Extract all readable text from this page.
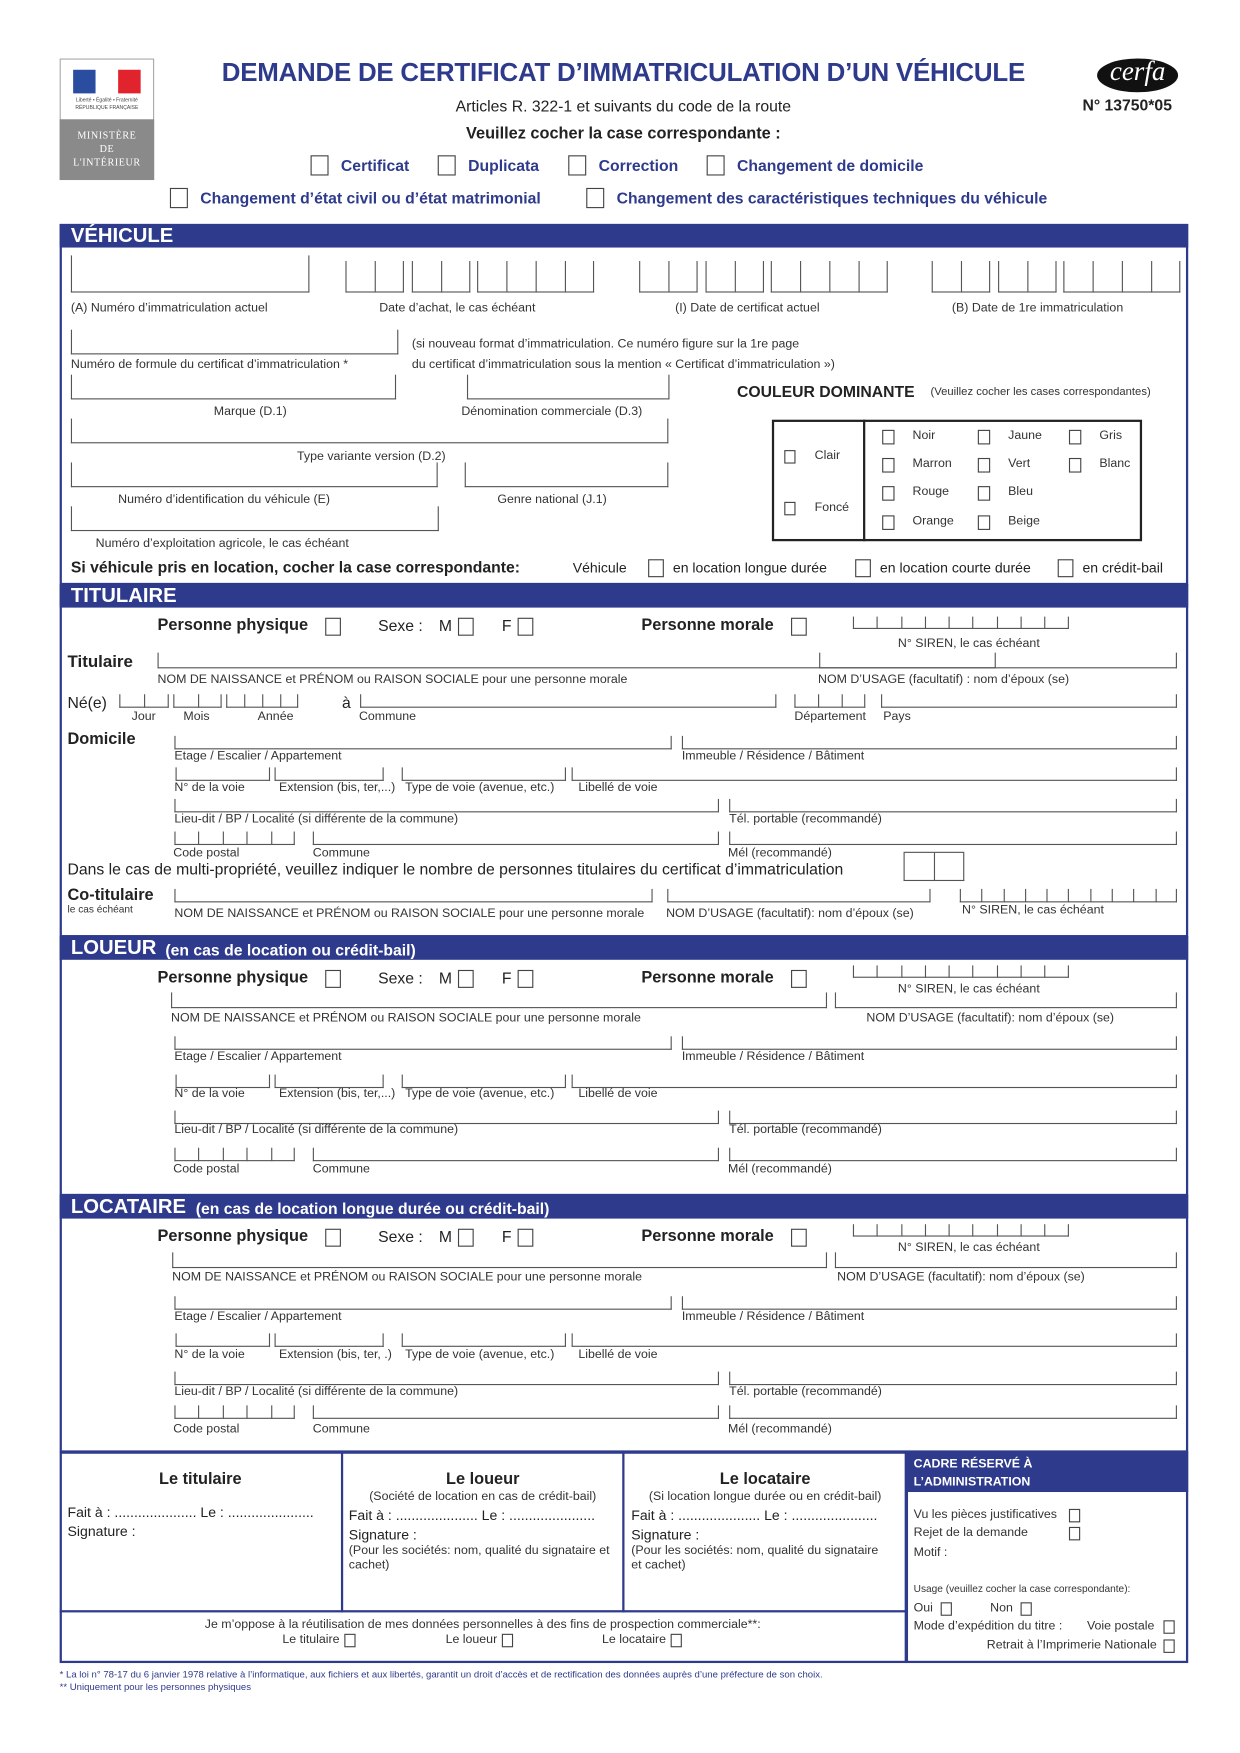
Liberté • Égalité • Fraternité
RÉPUBLIQUE FRANÇAISE
MINISTÈRE
DE
L'INTÉRIEUR
DEMANDE DE CERTIFICAT D’IMMATRICULATION D’UN VÉHICULE	cerfa
N° 13750*05
Articles R. 322-1 et suivants du code de la route
Veuillez cocher la case correspondante :
Certificat	Duplicata	Correction	Changement de domicile
Changement d’état civil ou d’état matrimonial	Changement des caractéristiques techniques du véhicule
VÉHICULE
(A) Numéro d’immatriculation actuel	Date d’achat, le cas échéant	(I) Date de certificat actuel	(B) Date de 1re immatriculation
Numéro de formule du certificat d’immatriculation *
(si nouveau format d’immatriculation. Ce numéro figure sur la 1re page
du certificat d’immatriculation sous la mention « Certificat d’immatriculation »)
Marque (D.1)	Dénomination commerciale (D.3)
COULEUR DOMINANTE (Veuillez cocher les cases correspondantes)
Type variante version (D.2)
Numéro d’identification du véhicule (E)	Genre national (J.1)
Numéro d’exploitation agricole, le cas échéant
Clair
Foncé
Noir	Jaune	Gris
Marron	Vert	Blanc
Rouge	Bleu
Orange	Beige
Si véhicule pris en location, cocher la case correspondante:	Véhicule	en location longue durée	en location courte durée	en crédit-bail
TITULAIRE
Personne physique	Sexe : M	F	Personne morale
N° SIREN, le cas échéant
Titulaire
NOM DE NAISSANCE et PRÉNOM ou RAISON SOCIALE pour une personne morale	NOM D’USAGE (facultatif) : nom d’époux (se)
Né(e)	à
Jour	Mois	Année	Commune	Département Pays
Domicile
Etage / Escalier / Appartement	Immeuble / Résidence / Bâtiment
N° de la voie	Extension (bis, ter,...) Type de voie (avenue, etc.) Libellé de voie
Lieu-dit / BP / Localité (si différente de la commune)	Tél. portable (recommandé)
Code postal	Commune	Mél (recommandé)
Dans le cas de multi-propriété, veuillez indiquer le nombre de personnes titulaires du certificat d’immatriculation
Co-titulaire
le cas échéant	NOM DE NAISSANCE et PRÉNOM ou RAISON SOCIALE pour une personne morale NOM D’USAGE (facultatif): nom d’époux (se)	N° SIREN, le cas échéant
LOUEUR (en cas de location ou crédit-bail)
Personne physique	Sexe : M	F	Personne morale
N° SIREN, le cas échéant
NOM DE NAISSANCE et PRÉNOM ou RAISON SOCIALE pour une personne morale	NOM D’USAGE (facultatif): nom d’époux (se)
Etage / Escalier / Appartement	Immeuble / Résidence / Bâtiment
N° de la voie	Extension (bis, ter,...) Type de voie (avenue, etc.) Libellé de voie
Lieu-dit / BP / Localité (si différente de la commune)	Tél. portable (recommandé)
Code postal	Commune	Mél (recommandé)
LOCATAIRE (en cas de location longue durée ou crédit-bail)
Personne physique	Sexe : M	F	Personne morale
N° SIREN, le cas échéant
NOM DE NAISSANCE et PRÉNOM ou RAISON SOCIALE pour une personne morale	NOM D’USAGE (facultatif): nom d’époux (se)
Etage / Escalier / Appartement	Immeuble / Résidence / Bâtiment
N° de la voie	Extension (bis, ter, .) Type de voie (avenue, etc.) Libellé de voie
Lieu-dit / BP / Localité (si différente de la commune)	Tél. portable (recommandé)
Code postal	Commune	Mél (recommandé)
Le titulaire
Fait à : ..................... Le : ......................
Signature :
Le loueur
(Société de location en cas de crédit-bail)
Fait à : ..................... Le : ......................
Signature :
(Pour les sociétés: nom, qualité du signataire et
cachet)
Le locataire
(Si location longue durée ou en crédit-bail)
Fait à : ..................... Le : ......................
Signature :
(Pour les sociétés: nom, qualité du signataire
et cachet)
Je m’oppose à la réutilisation de mes données personnelles à des fins de prospection commerciale**:
Le titulaire	Le loueur	Le locataire
CADRE RÉSERVÉ À
L’ADMINISTRATION
Vu les pièces justificatives
Rejet de la demande
Motif :
Usage (veuillez cocher la case correspondante):
Oui	Non
Mode d’expédition du titre : Voie postale
Retrait à l’Imprimerie Nationale
* La loi n° 78-17 du 6 janvier 1978 relative à l’informatique, aux fichiers et aux libertés, garantit un droit d’accès et de rectification des données auprès d’une préfecture de son choix.
** Uniquement pour les personnes physiques
